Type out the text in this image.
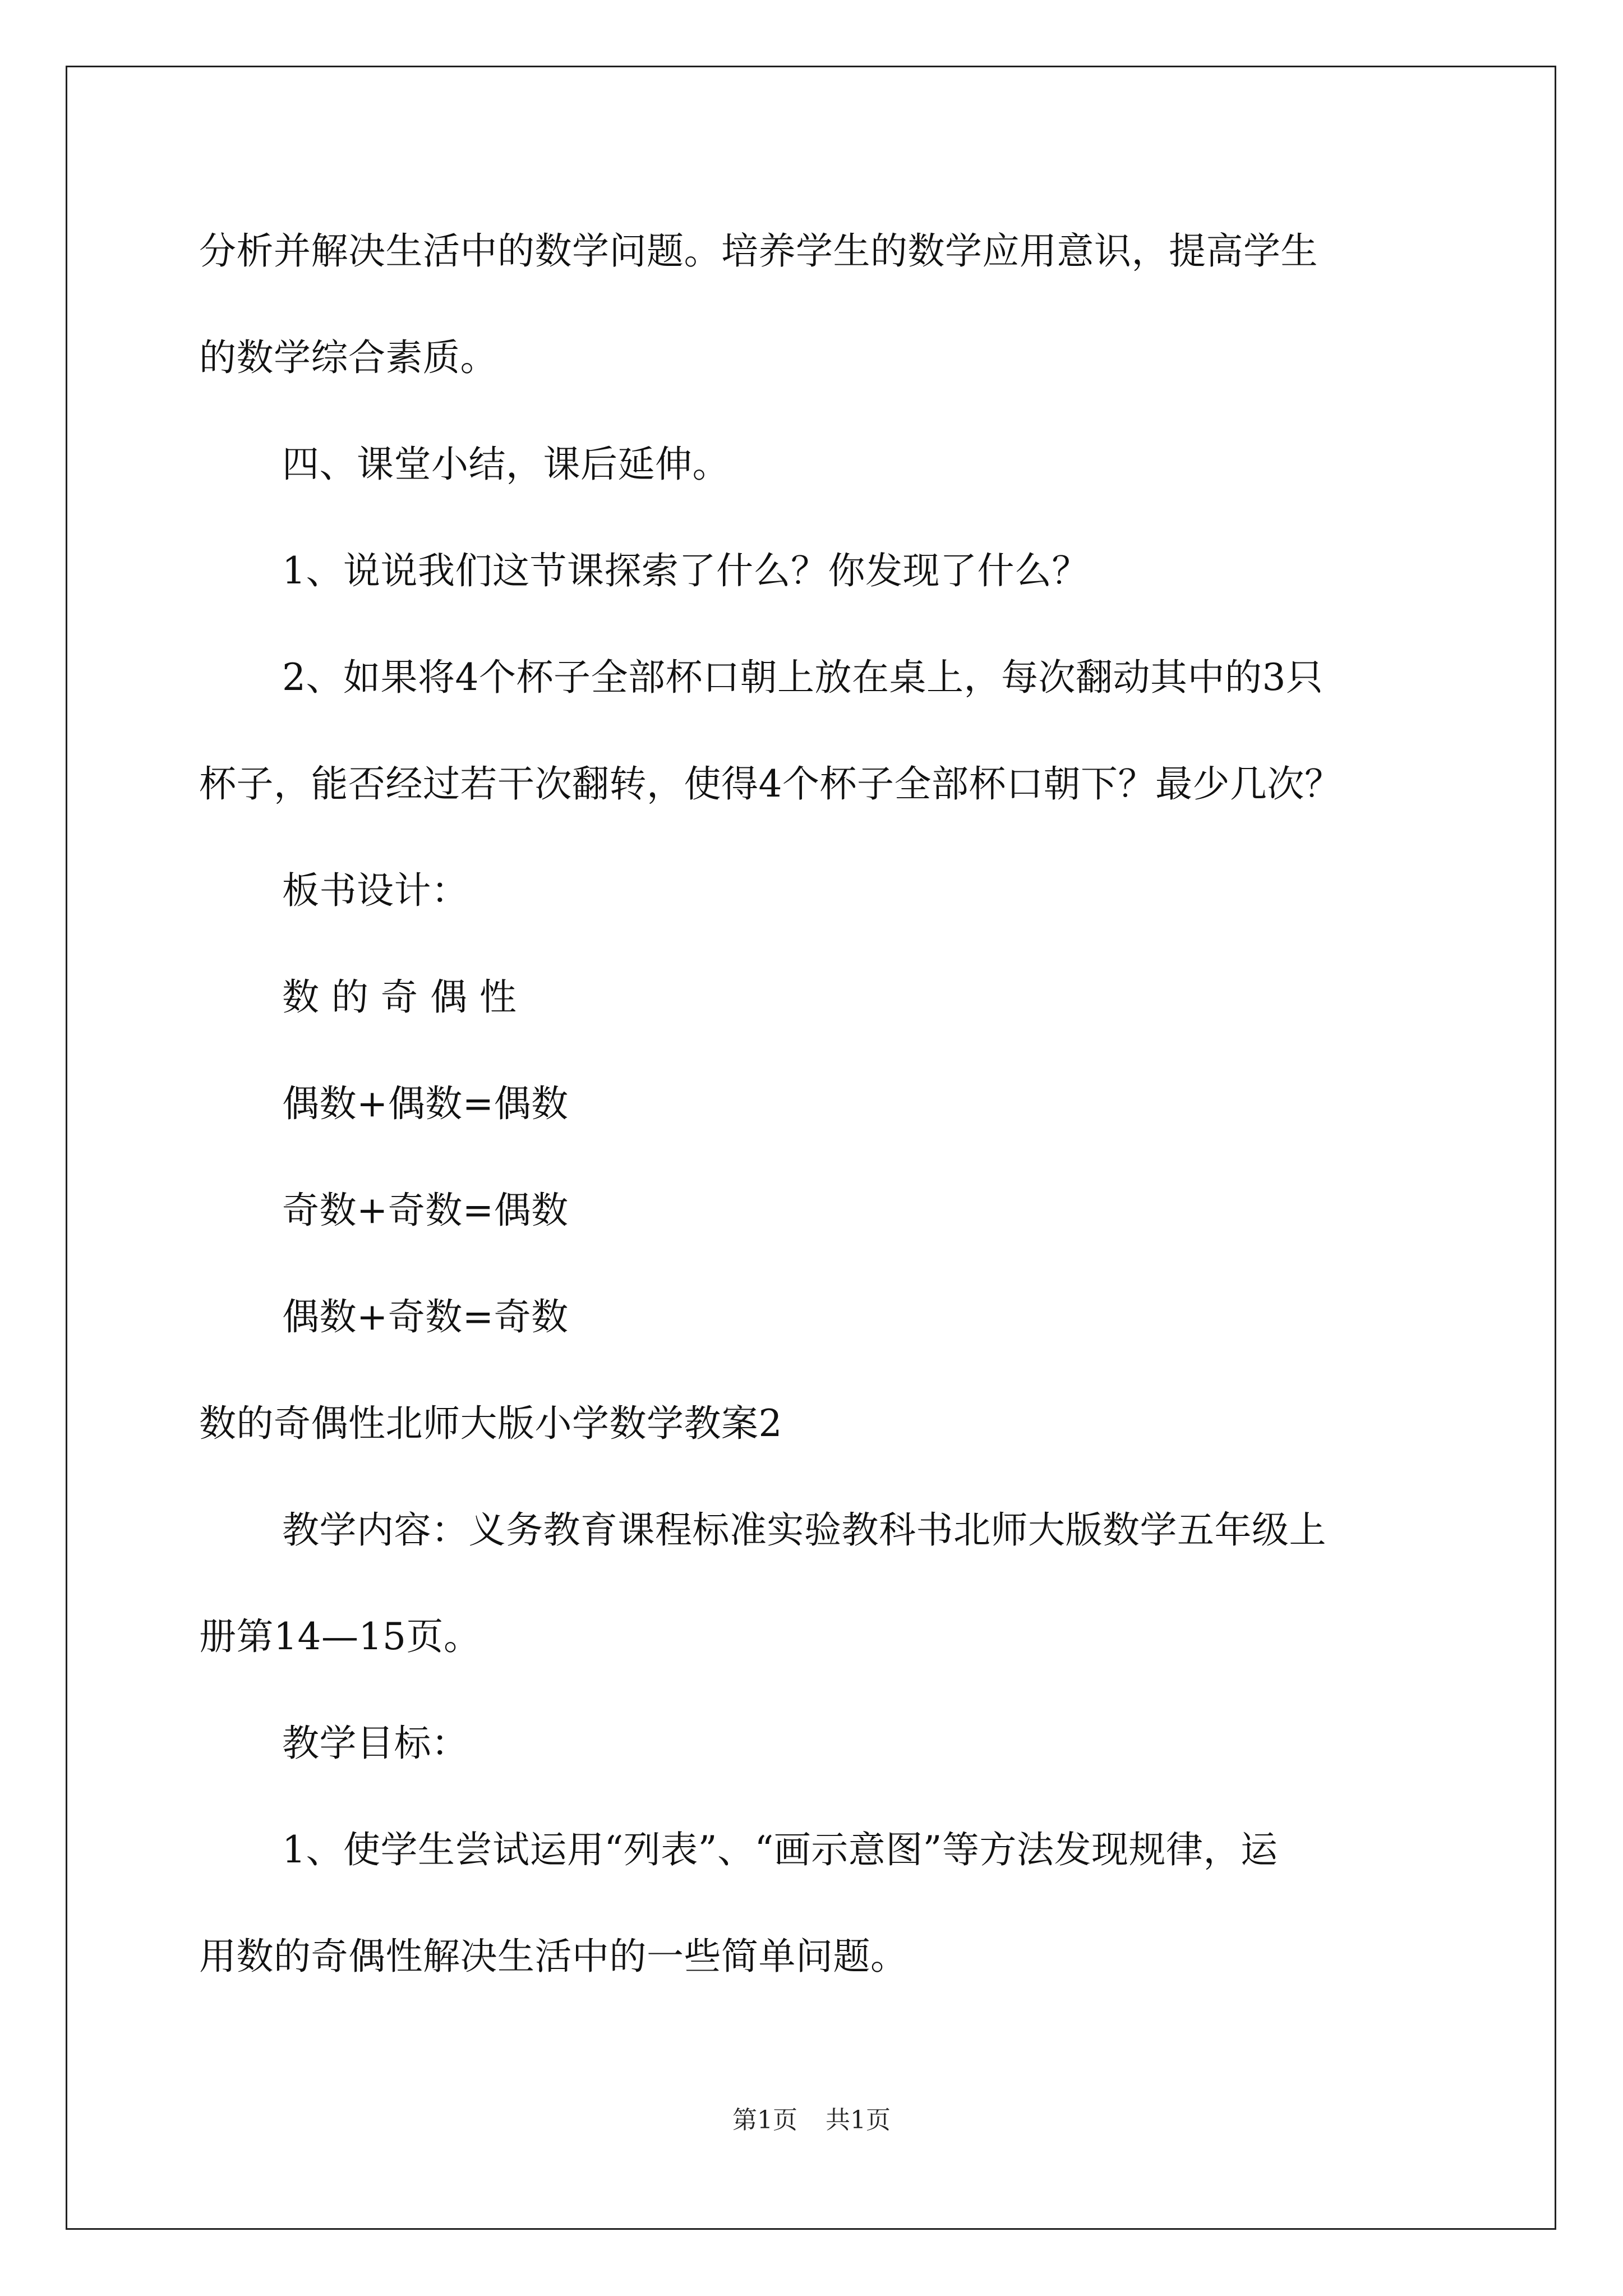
分析并解决生活中的数学问题。培养学生的数学应用意识，提高学生
的数学综合素质。
四、课堂小结，课后延伸。
1、说说我们这节课探索了什么？你发现了什么？
2、如果将4个杯子全部杯口朝上放在桌上，每次翻动其中的3只
杯子，能否经过若干次翻转，使得4个杯子全部杯口朝下？最少几次？
板书设计：
数 的 奇 偶 性
偶数+偶数=偶数
奇数+奇数=偶数
偶数+奇数=奇数
数的奇偶性北师大版小学数学教案2
教学内容：义务教育课程标准实验教科书北师大版数学五年级上
册第14—15页。
教学目标：
1、使学生尝试运用“列表”、“画示意图”等方法发现规律，运
用数的奇偶性解决生活中的一些简单问题。
第1页 共1页
